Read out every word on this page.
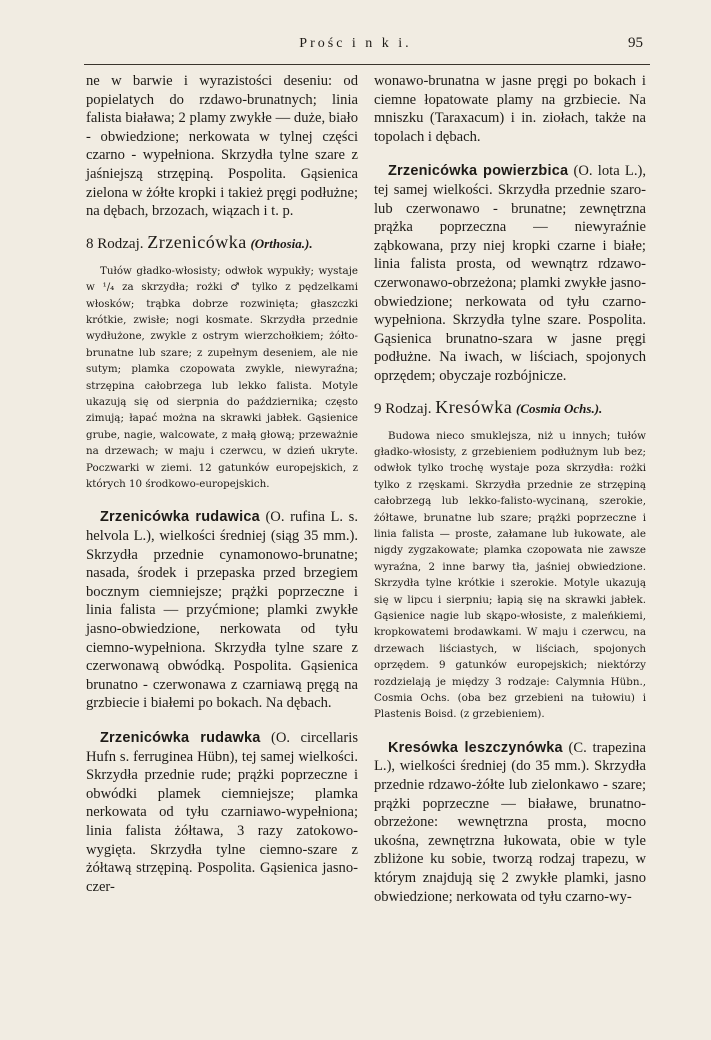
Prośc i n k i.	95

ne w barwie i wyrazistości deseniu: od popielatych do rzdawo-brunatnych; linia falista biaława; 2 plamy zwykłe — duże, biało - obwiedzione; nerkowata w tylnej części czarno - wypełniona. Skrzydła tylne szare z jaśniejszą strzępiną. Pospolita. Gąsienica zielona w żółte kropki i takież pręgi podłużne; na dębach, brzozach, wiązach i t. p.

8 Rodzaj. Zrzenicówka (Orthosia.).

Tułów gładko-włosisty; odwłok wypukły; wystaje w ¹/₄ za skrzydła; rożki ♂ tylko z pędzelkami włosków; trąbka dobrze rozwinięta; głaszczki krótkie, zwisłe; nogi kosmate. Skrzydła przednie wydłużone, zwykle z ostrym wierzchołkiem; żółto-brunatne lub szare; z zupełnym deseniem, ale nie sutym; plamka czopowata zwykle, niewyraźna; strzępina całobrzega lub lekko falista. Motyle ukazują się od sierpnia do października; często zimują; łapać można na skrawki jabłek. Gąsienice grube, nagie, walcowate, z małą głową; przeważnie na drzewach; w maju i czerwcu, w dzień ukryte. Poczwarki w ziemi. 12 gatunków europejskich, z których 10 środkowo-europejskich.

Zrzenicówka rudawica (O. rufina L. s. helvola L.), wielkości średniej (siąg 35 mm.). Skrzydła przednie cynamonowo-brunatne; nasada, środek i przepaska przed brzegiem bocznym ciemniejsze; prążki poprzeczne i linia falista — przyćmione; plamki zwykłe jasno-obwiedzione, nerkowata od tyłu ciemno-wypełniona. Skrzydła tylne szare z czerwonawą obwódką. Pospolita. Gąsienica brunatno - czerwonawa z czarniawą pręgą na grzbiecie i białemi po bokach. Na dębach.

Zrzenicówka rudawka (O. circellaris Hufn s. ferruginea Hübn), tej samej wielkości. Skrzydła przednie rude; prążki poprzeczne i obwódki plamek ciemniejsze; plamka nerkowata od tyłu czarniawo-wypełniona; linia falista żółtawa, 3 razy zatokowo-wygięta. Skrzydła tylne ciemno-szare z żółtawą strzępiną. Pospolita. Gąsienica jasno-czer-

wonawo-brunatna w jasne pręgi po bokach i ciemne łopatowate plamy na grzbiecie. Na mniszku (Taraxacum) i in. ziołach, także na topolach i dębach.

Zrzenicówka powierzbica (O. lota L.), tej samej wielkości. Skrzydła przednie szaro- lub czerwonawo - brunatne; zewnętrzna prążka poprzeczna — niewyraźnie ząbkowana, przy niej kropki czarne i białe; linia falista prosta, od wewnątrz rdzawo-czerwonawo-obrzeżona; plamki zwykłe jasno-obwiedzione; nerkowata od tyłu czarno-wypełniona. Skrzydła tylne szare. Pospolita. Gąsienica brunatno-szara w jasne pręgi podłużne. Na iwach, w liściach, spojonych oprzędem; obyczaje rozbójnicze.

9 Rodzaj. Kresówka (Cosmia Ochs.).

Budowa nieco smuklejsza, niż u innych; tułów gładko-włosisty, z grzebieniem podłużnym lub bez; odwłok tylko trochę wystaje poza skrzydła: rożki tylko z rzęskami. Skrzydła przednie ze strzępiną całobrzegą lub lekko-falisto-wycinaną, szerokie, żółtawe, brunatne lub szare; prążki poprzeczne i linia falista — proste, załamane lub łukowate, ale nigdy zygzakowate; plamka czopowata nie zawsze wyraźna, 2 inne barwy tła, jaśniej obwiedzione. Skrzydła tylne krótkie i szerokie. Motyle ukazują się w lipcu i sierpniu; łapią się na skrawki jabłek. Gąsienice nagie lub skąpo-włosiste, z maleńkiemi, kropkowatemi brodawkami. W maju i czerwcu, na drzewach liściastych, w liściach, spojonych oprzędem. 9 gatunków europejskich; niektórzy rozdzielają je między 3 rodzaje: Calymnia Hübn., Cosmia Ochs. (oba bez grzebieni na tułowiu) i Plastenis Boisd. (z grzebieniem).

Kresówka leszczynówka (C. trapezina L.), wielkości średniej (do 35 mm.). Skrzydła przednie rdzawo-żółte lub zielonkawo - szare; prążki poprzeczne — białawe, brunatno-obrzeżone: wewnętrzna prosta, mocno ukośna, zewnętrzna łukowata, obie w tyle zbliżone ku sobie, tworzą rodzaj trapezu, w którym znajdują się 2 zwykłe plamki, jasno obwiedzione; nerkowata od tyłu czarno-wy-
